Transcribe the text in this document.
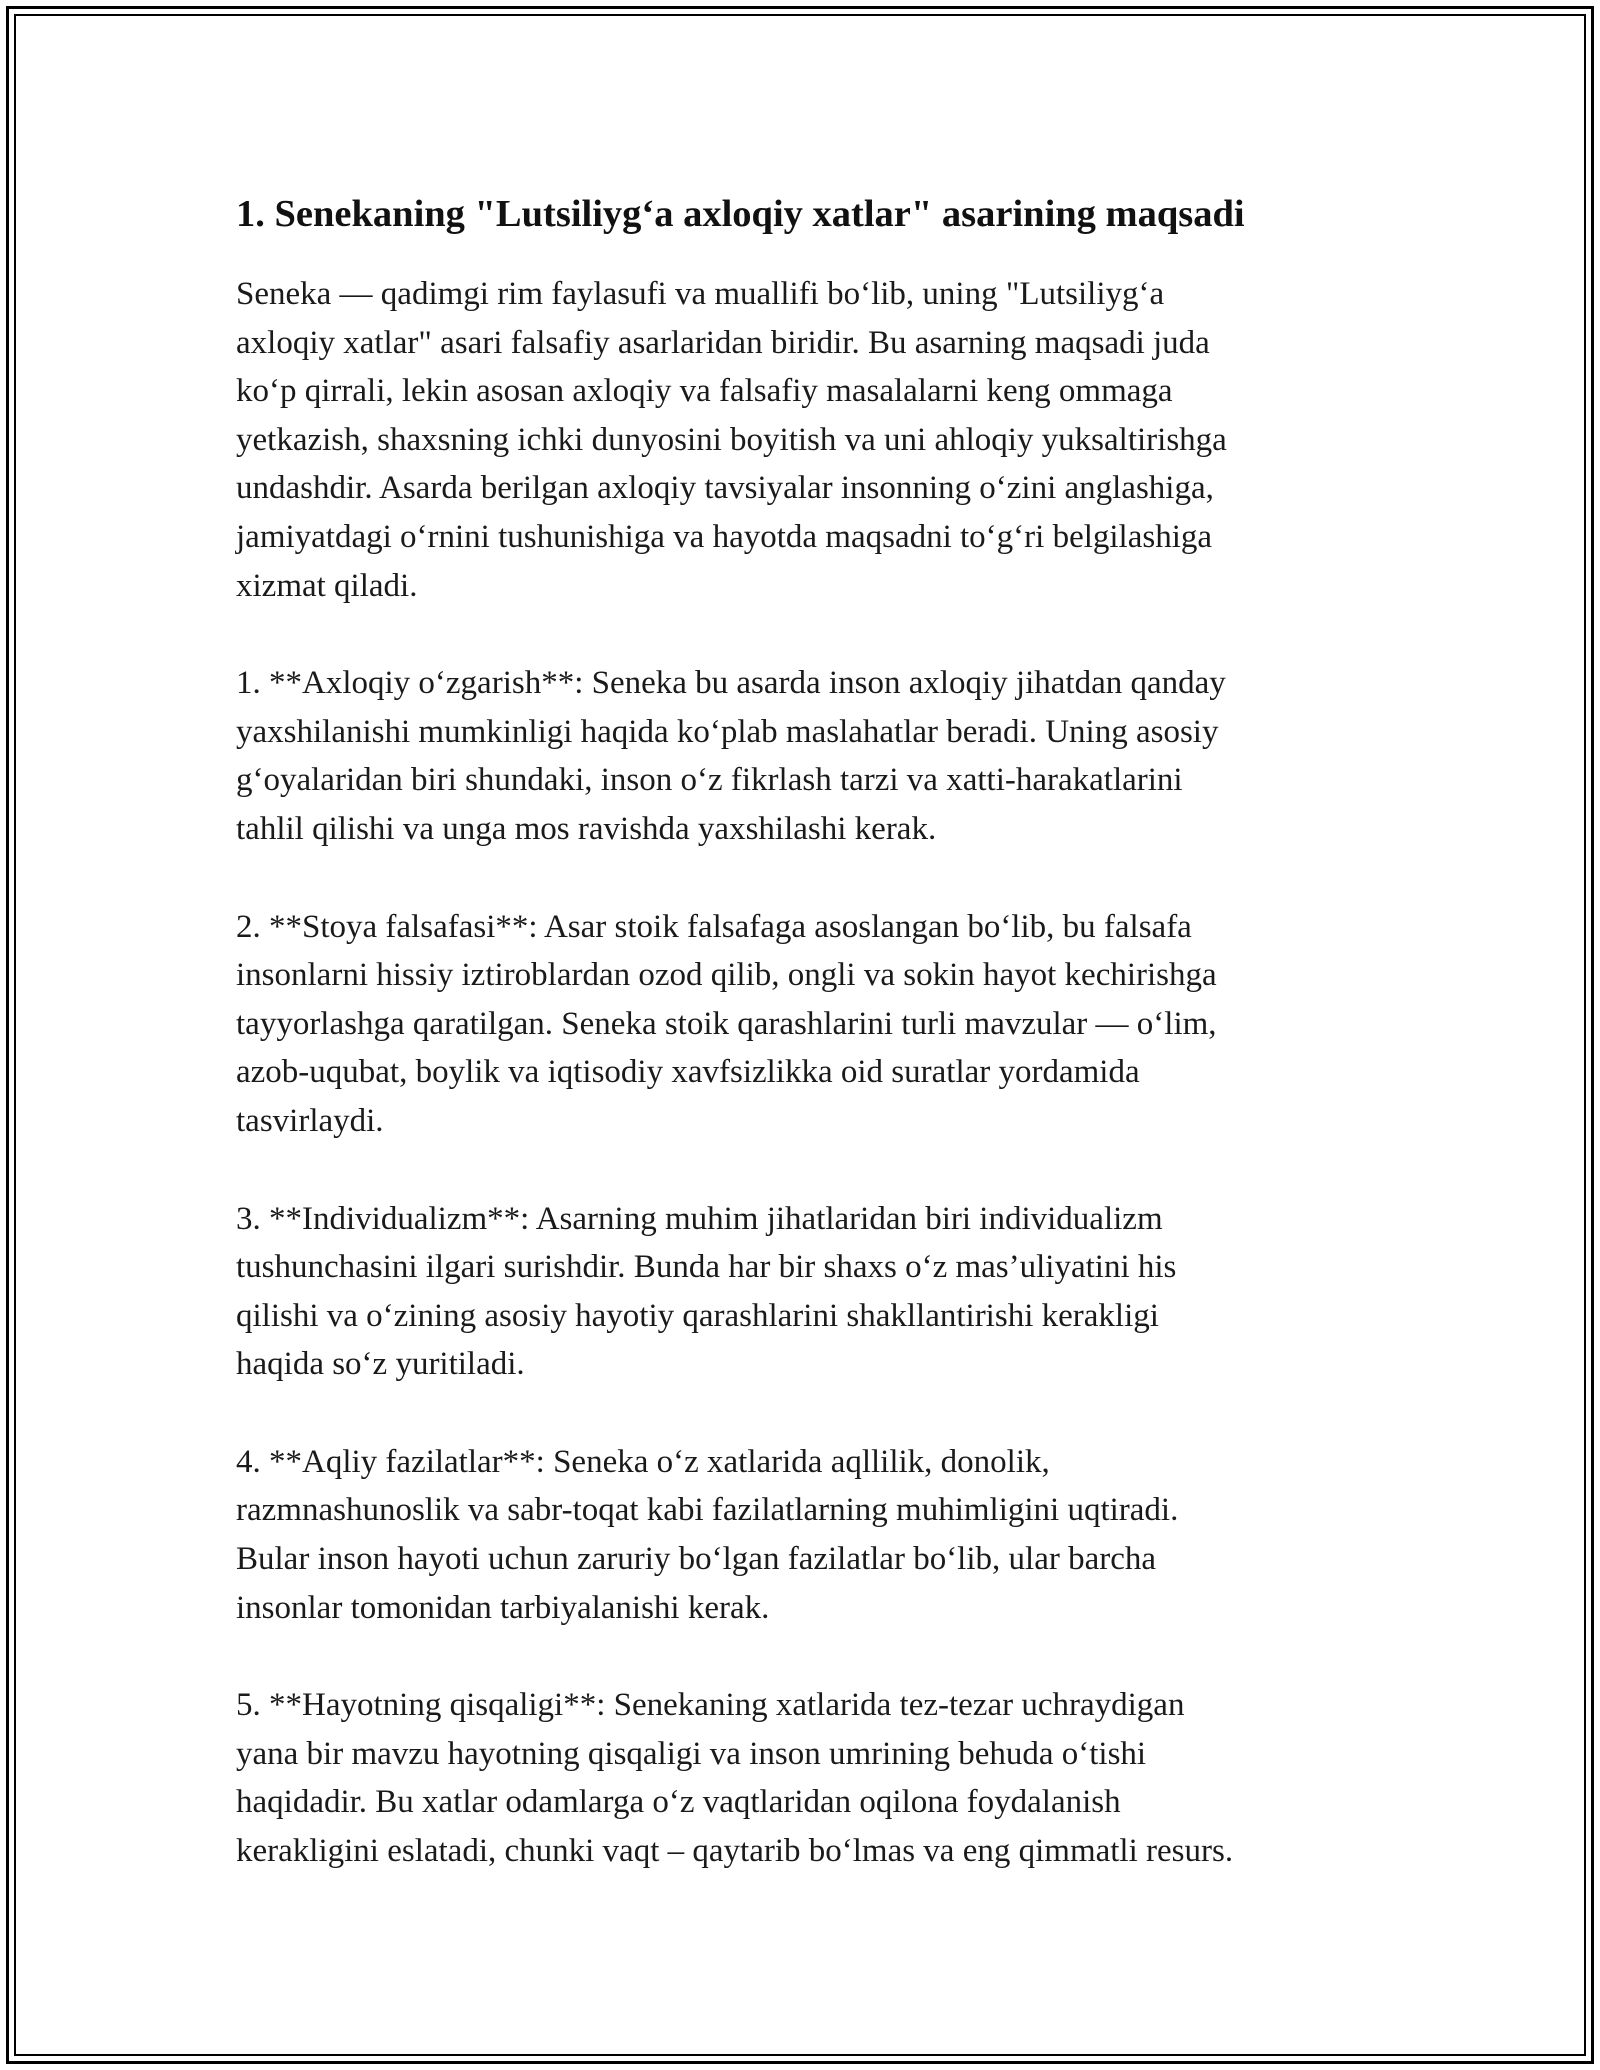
1. Senekaning "Lutsiliyg‘a axloqiy xatlar" asarining maqsadi

Seneka — qadimgi rim faylasufi va muallifi bo‘lib, uning "Lutsiliyg‘a
axloqiy xatlar" asari falsafiy asarlaridan biridir. Bu asarning maqsadi juda
ko‘p qirrali, lekin asosan axloqiy va falsafiy masalalarni keng ommaga
yetkazish, shaxsning ichki dunyosini boyitish va uni ahloqiy yuksaltirishga
undashdir. Asarda berilgan axloqiy tavsiyalar insonning o‘zini anglashiga,
jamiyatdagi o‘rnini tushunishiga va hayotda maqsadni to‘g‘ri belgilashiga
xizmat qiladi.

1. **Axloqiy o‘zgarish**: Seneka bu asarda inson axloqiy jihatdan qanday
yaxshilanishi mumkinligi haqida ko‘plab maslahatlar beradi. Uning asosiy
g‘oyalaridan biri shundaki, inson o‘z fikrlash tarzi va xatti-harakatlarini
tahlil qilishi va unga mos ravishda yaxshilashi kerak.

2. **Stoya falsafasi**: Asar stoik falsafaga asoslangan bo‘lib, bu falsafa
insonlarni hissiy iztiroblardan ozod qilib, ongli va sokin hayot kechirishga
tayyorlashga qaratilgan. Seneka stoik qarashlarini turli mavzular — o‘lim,
azob-uqubat, boylik va iqtisodiy xavfsizlikka oid suratlar yordamida
tasvirlaydi.

3. **Individualizm**: Asarning muhim jihatlaridan biri individualizm
tushunchasini ilgari surishdir. Bunda har bir shaxs o‘z mas’uliyatini his
qilishi va o‘zining asosiy hayotiy qarashlarini shakllantirishi kerakligi
haqida so‘z yuritiladi.

4. **Aqliy fazilatlar**: Seneka o‘z xatlarida aqllilik, donolik,
razmnashunoslik va sabr-toqat kabi fazilatlarning muhimligini uqtiradi.
Bular inson hayoti uchun zaruriy bo‘lgan fazilatlar bo‘lib, ular barcha
insonlar tomonidan tarbiyalanishi kerak.

5. **Hayotning qisqaligi**: Senekaning xatlarida tez-tezar uchraydigan
yana bir mavzu hayotning qisqaligi va inson umrining behuda o‘tishi
haqidadir. Bu xatlar odamlarga o‘z vaqtlaridan oqilona foydalanish
kerakligini eslatadi, chunki vaqt – qaytarib bo‘lmas va eng qimmatli resurs.
